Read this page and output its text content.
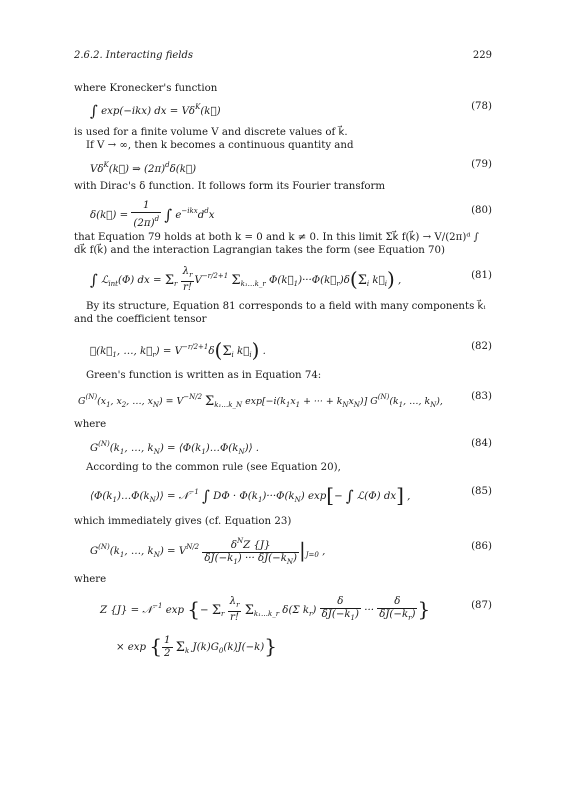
2.6.2. Interacting fields	229
where Kronecker's function
∫ exp(−ikx) dx = $V\delta^K(k⃗)$	(78)
is used for a finite volume V and discrete values of k⃗.
If V → ∞, then k becomes a continuous quantity and
$V\delta^K(k⃗)$ ⇒ $(2\pi)^d\delta(k⃗)$	(79)
with Dirac's δ function. It follows form its Fourier transform
δ(k⃗) = $\frac{1}{(2\pi)^d}$ ∫ $e^{-ikx}d^dx$	(80)
that Equation 79 holds at both k = 0 and k ≠ 0. In this limit Σk⃗ f(k⃗) → V/(2π)ᵈ ∫ dk⃗ f(k⃗) and the interaction Lagrangian takes the form (see Equation 70)
∫ ℒ$_{int}$(Φ) dx = $\Sigma_r \frac{\lambda_r}{r!} V^{-r/2+1}$ $\Sigma_{k_1\dots k\_r}$ $\Phi(k⃗_1)\cdot\cdot\cdot\Phi(k⃗_r)\delta(\Sigma_i$ $k⃗_i$) ,	(81)
By its structure, Equation 81 corresponds to a field with many components k⃗ᵢ and the coefficient tensor
$ℱ(k⃗_1$, …, $k⃗_r) = V^{-r/2+1}\delta(\Sigma_i$ $k⃗_i$) .	(82)
Green's function is written as in Equation 74:
$G^{(N)}(x_1$, $x_2$, …, $x_N) = V^{-N/2}$ $\Sigma_{k_1\dots k\_N}$ $\exp[-i(k_1x_1$ + ··· + $k_Nx_N$)] $G^{(N)}(k_1$, …, $k_N$),	(83)
where
$G^{(N)}(k_1$, …, $k_N$) = $⟨\Phi(k_1)\dots\Phi(k_N)⟩$ .	(84)
According to the common rule (see Equation 20),
$⟨\Phi(k_1)\dots\Phi(k_N)⟩$ = 𝒩$^{-1}$ ∫ $D\Phi \cdot \Phi(k_1)\cdot\cdot\cdot\Phi(k_N)$ exp[− ∫ ℒ(Φ) dx] ,	(85)
which immediately gives (cf. Equation 23)
$G^{(N)}(k_1$, …, $k_N) = V^{N/2} \frac{\delta^NZ \{J\}}{\delta J(-k_1) \cdot\cdot\cdot \delta J(-k_N)} |_{J=0}$ ,	(86)
where
Z {J} = 𝒩$^{-1}$ exp {− $\Sigma_r \frac{\lambda_r}{r!} \Sigma_{k_1\dots k\_r}$ δ(Σ $k_r) \frac{\delta}{\delta J(-k_1)}$ ··· $\frac{\delta}{\delta J(-k_r)}$ }	(87)
× exp { $\frac{1}{2} \Sigma_k$ $J(k)G_0(k)J(-k)$}
